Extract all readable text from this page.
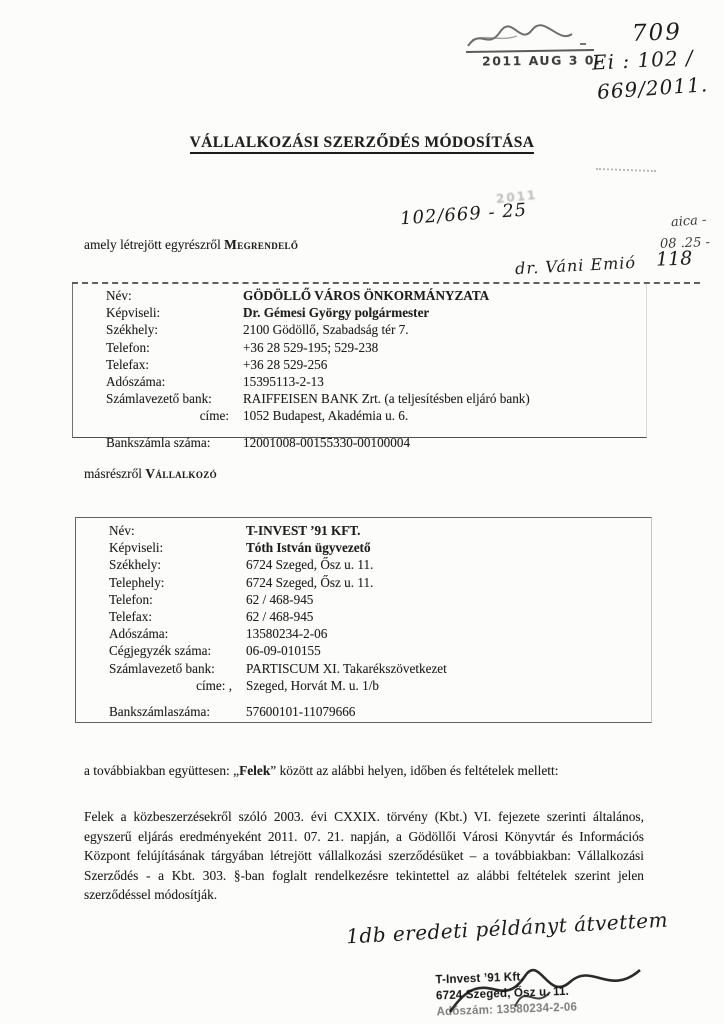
2011 AUG 3 0.
709
Ei : 102 /
669/2011.
VÁLLALKOZÁSI SZERZŐDÉS MÓDOSÍTÁSA
2011
102/669 - 25	aica -
08 .25 -
dr. Váni Emió 118
amely létrejött egyrészről Megrendelő
Név:	GÖDÖLLŐ VÁROS ÖNKORMÁNYZATA
Képviseli:	Dr. Gémesi György polgármester
Székhely:	2100 Gödöllő, Szabadság tér 7.
Telefon:	+36 28 529-195; 529-238
Telefax:	+36 28 529-256
Adószáma:	15395113-2-13
Számlavezető bank:	RAIFFEISEN BANK Zrt. (a teljesítésben eljáró bank)
címe:	1052 Budapest, Akadémia u. 6.
Bankszámla száma:	12001008-00155330-00100004
másrészről Vállalkozó
Név:	T-INVEST ’91 KFT.
Képviseli:	Tóth István ügyvezető
Székhely:	6724 Szeged, Ősz u. 11.
Telephely:	6724 Szeged, Ősz u. 11.
Telefon:	62 / 468-945
Telefax:	62 / 468-945
Adószáma:	13580234-2-06
Cégjegyzék száma:	06-09-010155
Számlavezető bank:	PARTISCUM XI. Takarékszövetkezet
címe: ,	Szeged, Horvát M. u. 1/b
Bankszámlaszáma:	57600101-11079666
a továbbiakban együttesen: „Felek” között az alábbi helyen, időben és feltételek mellett:
Felek a közbeszerzésekről szóló 2003. évi CXXIX. törvény (Kbt.) VI. fejezete szerinti általános, egyszerű eljárás eredményeként 2011. 07. 21. napján, a Gödöllői Városi Könyvtár és Információs Központ felújításának tárgyában létrejött vállalkozási szerződésüket – a továbbiakban: Vállalkozási Szerződés - a Kbt. 303. §-ban foglalt rendelkezésre tekintettel az alábbi feltételek szerint jelen szerződéssel módosítják.
1db eredeti példányt átvettem
T-Invest ’91 Kft.
6724 Szeged, Ősz u. 11.
Adószám: 13580234-2-06
